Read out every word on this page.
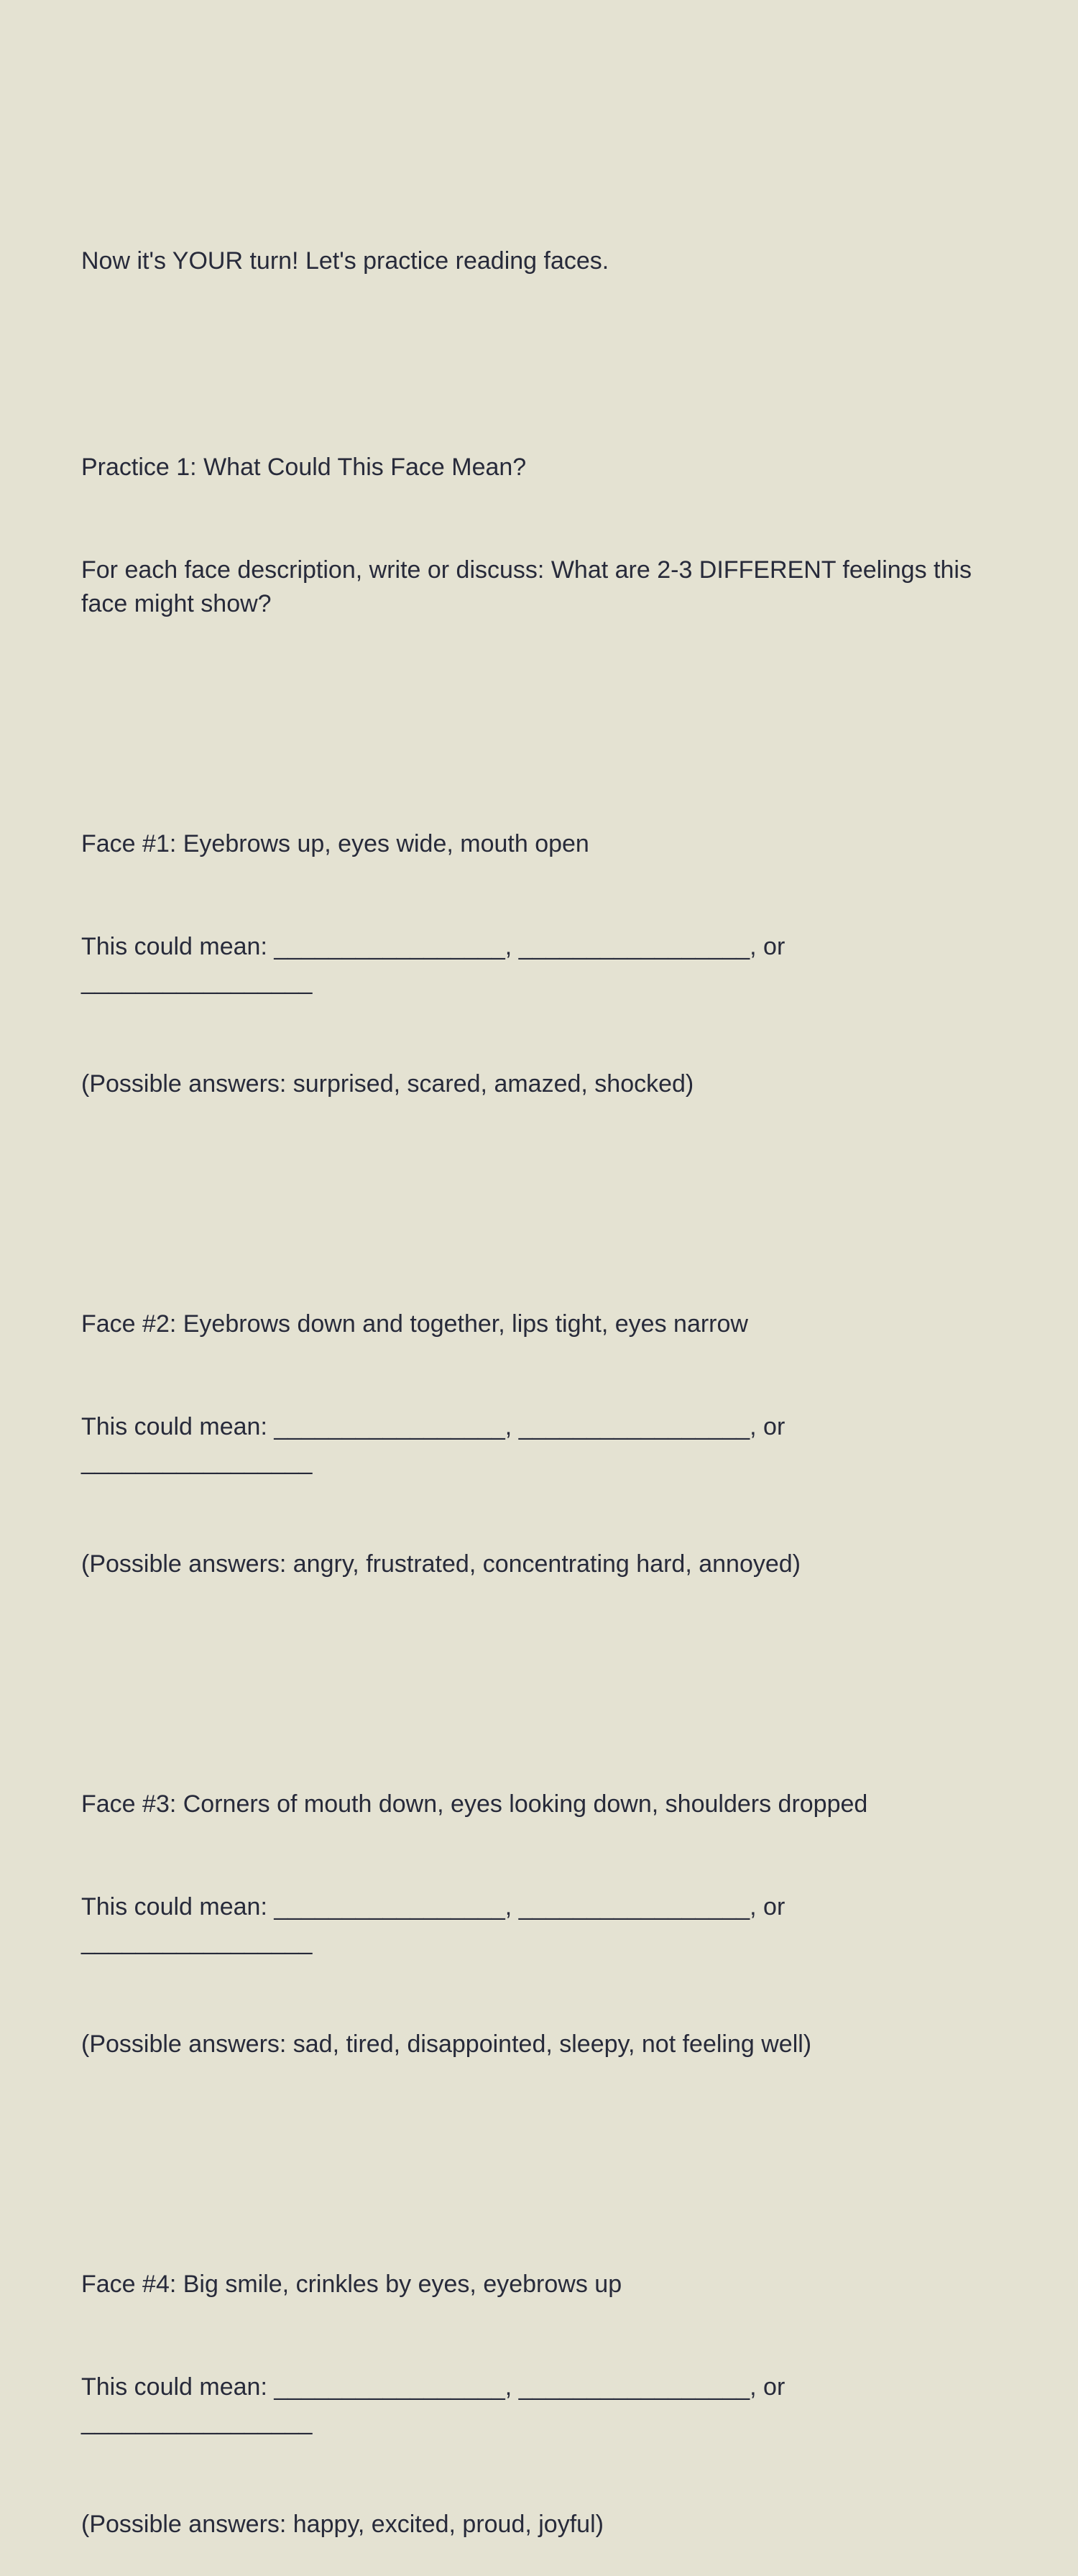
Now it's YOUR turn! Let's practice reading faces.

Practice 1: What Could This Face Mean?

For each face description, write or discuss: What are 2-3 DIFFERENT feelings this face might show?

Face #1: Eyebrows up, eyes wide, mouth open

This could mean: _________________, _________________, or _________________

(Possible answers: surprised, scared, amazed, shocked)

Face #2: Eyebrows down and together, lips tight, eyes narrow

This could mean: _________________, _________________, or _________________

(Possible answers: angry, frustrated, concentrating hard, annoyed)

Face #3: Corners of mouth down, eyes looking down, shoulders dropped

This could mean: _________________, _________________, or _________________

(Possible answers: sad, tired, disappointed, sleepy, not feeling well)

Face #4: Big smile, crinkles by eyes, eyebrows up

This could mean: _________________, _________________, or _________________

(Possible answers: happy, excited, proud, joyful)
